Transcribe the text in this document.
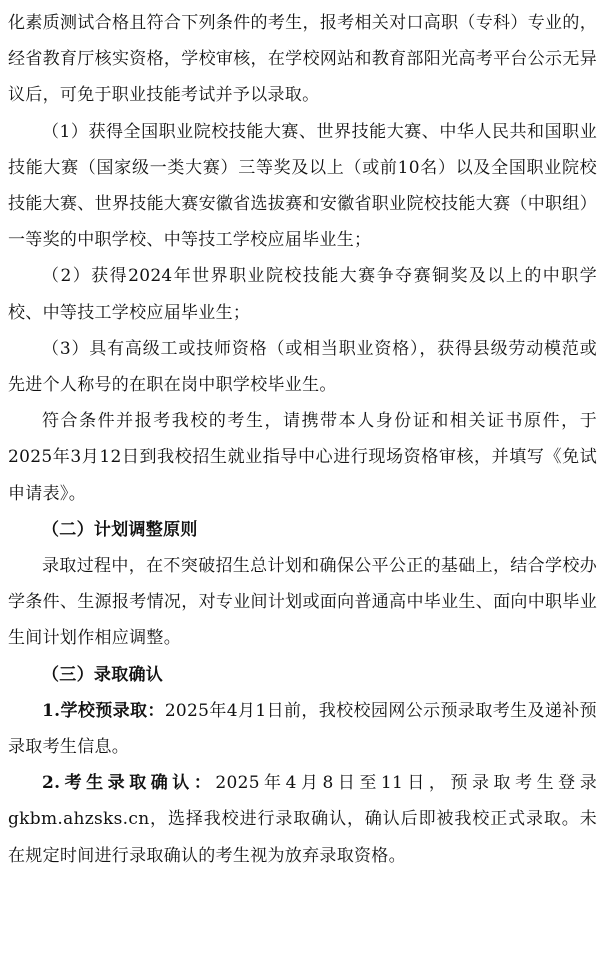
化素质测试合格且符合下列条件的考生，报考相关对口高职（专科）专业的，经省教育厅核实资格，学校审核，在学校网站和教育部阳光高考平台公示无异议后，可免于职业技能考试并予以录取。

（1）获得全国职业院校技能大赛、世界技能大赛、中华人民共和国职业技能大赛（国家级一类大赛）三等奖及以上（或前10名）以及全国职业院校技能大赛、世界技能大赛安徽省选拔赛和安徽省职业院校技能大赛（中职组）一等奖的中职学校、中等技工学校应届毕业生；

（2）获得2024年世界职业院校技能大赛争夺赛铜奖及以上的中职学校、中等技工学校应届毕业生；

（3）具有高级工或技师资格（或相当职业资格），获得县级劳动模范或先进个人称号的在职在岗中职学校毕业生。

符合条件并报考我校的考生，请携带本人身份证和相关证书原件，于2025年3月12日到我校招生就业指导中心进行现场资格审核，并填写《免试申请表》。

（二）计划调整原则

录取过程中，在不突破招生总计划和确保公平公正的基础上，结合学校办学条件、生源报考情况，对专业间计划或面向普通高中毕业生、面向中职毕业生间计划作相应调整。

（三）录取确认

1.学校预录取：2025年4月1日前，我校校园网公示预录取考生及递补预录取考生信息。

2.考生录取确认：2025年4月8日至11日，预录取考生登录gkbm.ahzsks.cn，选择我校进行录取确认，确认后即被我校正式录取。未在规定时间进行录取确认的考生视为放弃录取资格。
